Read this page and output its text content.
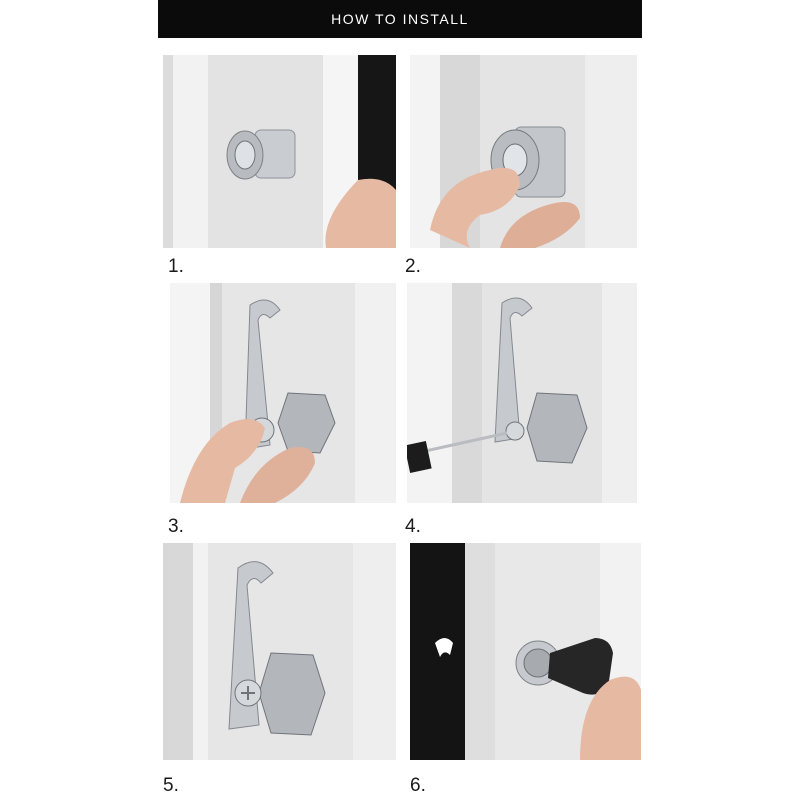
HOW TO INSTALL
1.	2.
3.	4.
5.	6.
